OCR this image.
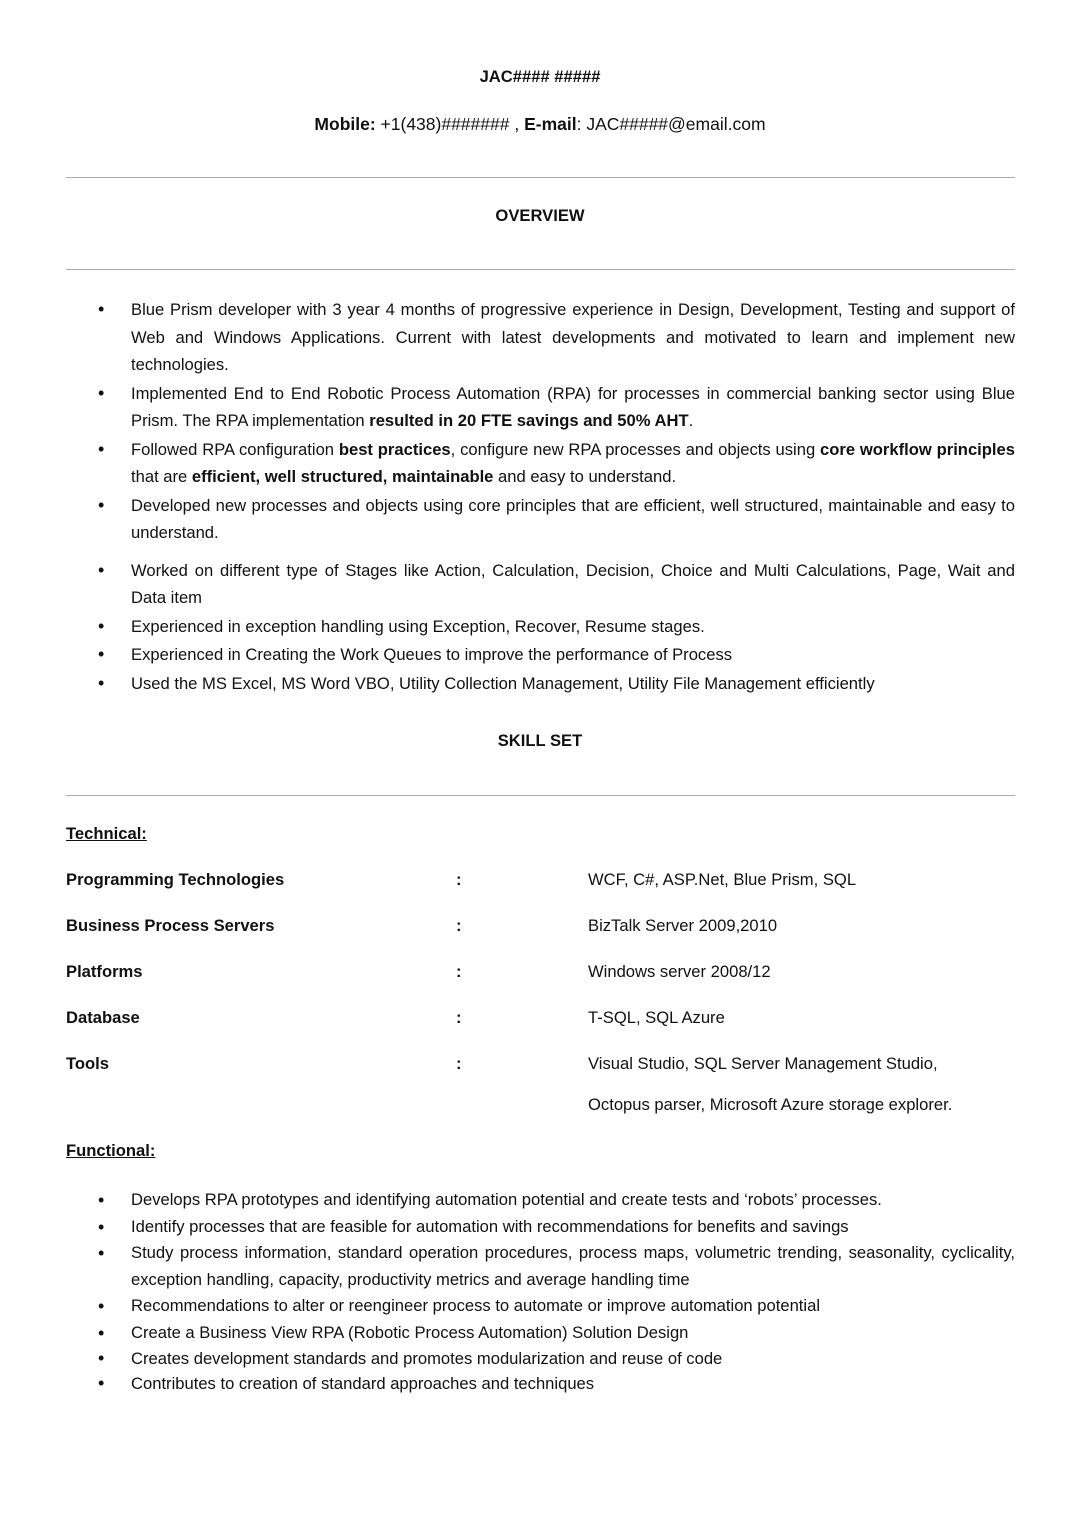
JAC#### #####
Mobile: +1(438)####### , E-mail: JAC#####@email.com
OVERVIEW
• Blue Prism developer with 3 year 4 months of progressive experience in Design, Development, Testing and support of Web and Windows Applications. Current with latest developments and motivated to learn and implement new technologies.
• Implemented End to End Robotic Process Automation (RPA) for processes in commercial banking sector using Blue Prism. The RPA implementation resulted in 20 FTE savings and 50% AHT.
• Followed RPA configuration best practices, configure new RPA processes and objects using core workflow principles that are efficient, well structured, maintainable and easy to understand.
• Developed new processes and objects using core principles that are efficient, well structured, maintainable and easy to understand.
• Worked on different type of Stages like Action, Calculation, Decision, Choice and Multi Calculations, Page, Wait and Data item
• Experienced in exception handling using Exception, Recover, Resume stages.
• Experienced in Creating the Work Queues to improve the performance of Process
• Used the MS Excel, MS Word VBO, Utility Collection Management, Utility File Management efficiently
SKILL SET
Technical:
Programming Technologies	:	WCF, C#, ASP.Net, Blue Prism, SQL
Business Process Servers	:	BizTalk Server 2009,2010
Platforms	:	Windows server 2008/12
Database	:	T-SQL, SQL Azure
Tools	:	Visual Studio, SQL Server Management Studio,
Octopus parser, Microsoft Azure storage explorer.
Functional:
• Develops RPA prototypes and identifying automation potential and create tests and ‘robots’ processes.
• Identify processes that are feasible for automation with recommendations for benefits and savings
• Study process information, standard operation procedures, process maps, volumetric trending, seasonality, cyclicality, exception handling, capacity, productivity metrics and average handling time
• Recommendations to alter or reengineer process to automate or improve automation potential
• Create a Business View RPA (Robotic Process Automation) Solution Design
• Creates development standards and promotes modularization and reuse of code
• Contributes to creation of standard approaches and techniques
